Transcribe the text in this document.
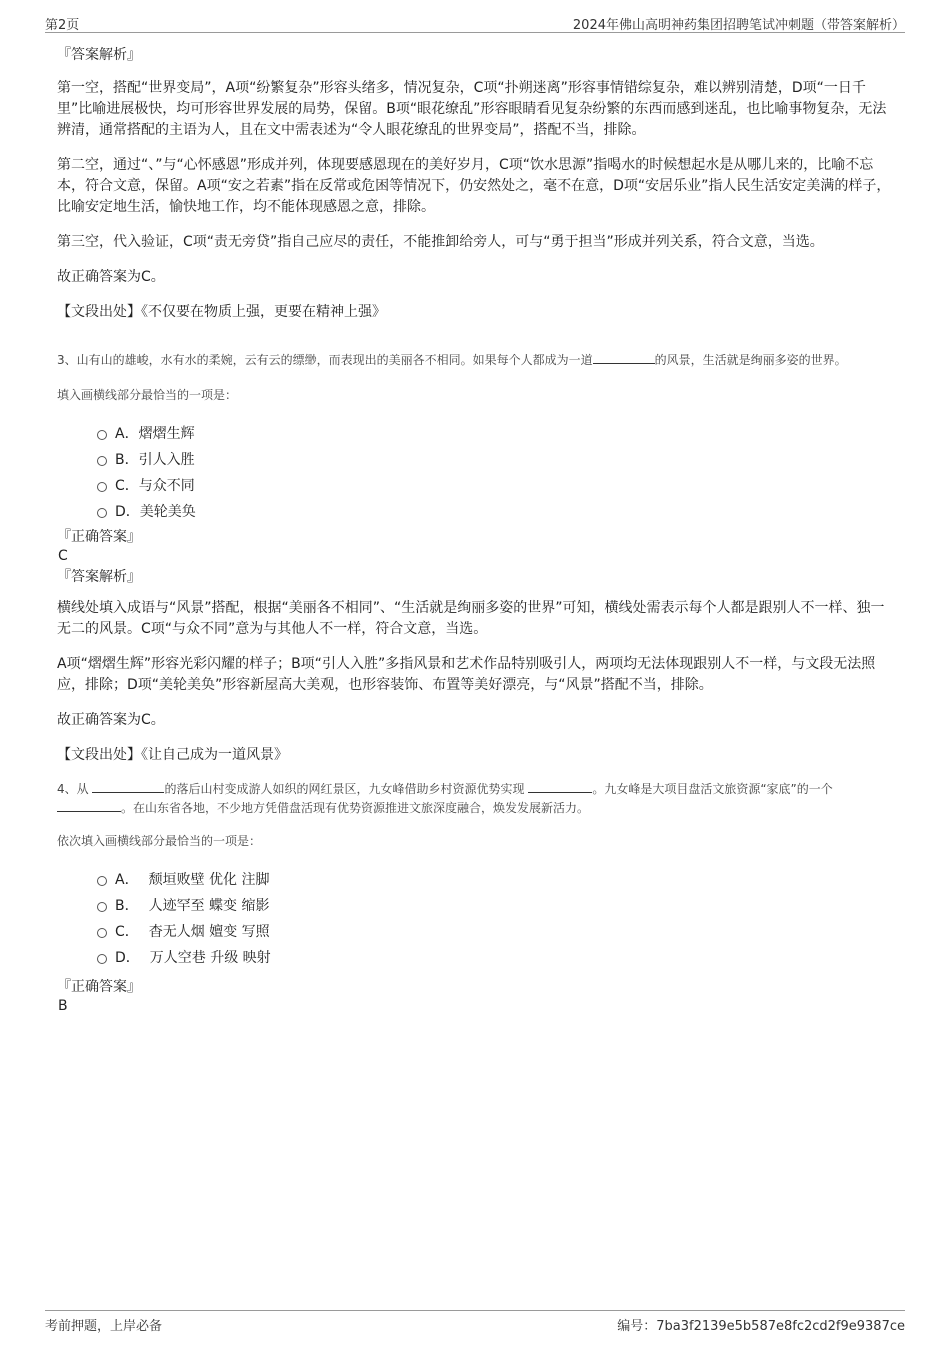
第2页	2024年佛山高明神药集团招聘笔试冲刺题（带答案解析）

『答案解析』

第一空，搭配“世界变局”，A项“纷繁复杂”形容头绪多，情况复杂，C项“扑朔迷离”形容事情错综复杂，难以辨别清楚，D项“一日千里”比喻进展极快，均可形容世界发展的局势，保留。B项“眼花缭乱”形容眼睛看见复杂纷繁的东西而感到迷乱，也比喻事物复杂，无法辨清，通常搭配的主语为人，且在文中需表述为“令人眼花缭乱的世界变局”，搭配不当，排除。

第二空，通过“、”与“心怀感恩”形成并列，体现要感恩现在的美好岁月，C项“饮水思源”指喝水的时候想起水是从哪儿来的，比喻不忘本，符合文意，保留。A项“安之若素”指在反常或危困等情况下，仍安然处之，毫不在意，D项“安居乐业”指人民生活安定美满的样子，比喻安定地生活，愉快地工作，均不能体现感恩之意，排除。

第三空，代入验证，C项“责无旁贷”指自己应尽的责任，不能推卸给旁人，可与“勇于担当”形成并列关系，符合文意，当选。

故正确答案为C。

【文段出处】《不仅要在物质上强，更要在精神上强》

3、山有山的雄峻，水有水的柔婉，云有云的缥缈，而表现出的美丽各不相同。如果每个人都成为一道	的风景，生活就是绚丽多姿的世界。

填入画横线部分最恰当的一项是：

A．熠熠生辉
B．引人入胜
C．与众不同
D．美轮美奂

『正确答案』

C

『答案解析』

横线处填入成语与“风景”搭配，根据“美丽各不相同”、“生活就是绚丽多姿的世界”可知，横线处需表示每个人都是跟别人不一样、独一无二的风景。C项“与众不同”意为与其他人不一样，符合文意，当选。

A项“熠熠生辉”形容光彩闪耀的样子；B项“引人入胜”多指风景和艺术作品特别吸引人，两项均无法体现跟别人不一样，与文段无法照应，排除；D项“美轮美奂”形容新屋高大美观，也形容装饰、布置等美好漂亮，与“风景”搭配不当，排除。

故正确答案为C。

【文段出处】《让自己成为一道风景》

4、从	的落后山村变成游人如织的网红景区，九女峰借助乡村资源优势实现	。九女峰是大项目盘活文旅资源“家底”的一个 。在山东省各地，不少地方凭借盘活现有优势资源推进文旅深度融合，焕发发展新活力。

依次填入画横线部分最恰当的一项是：

A． 颓垣败壁 优化 注脚
B． 人迹罕至 蝶变 缩影
C． 杳无人烟 嬗变 写照
D． 万人空巷 升级 映射

『正确答案』

B

考前押题，上岸必备	编号：7ba3f2139e5b587e8fc2cd2f9e9387ce
